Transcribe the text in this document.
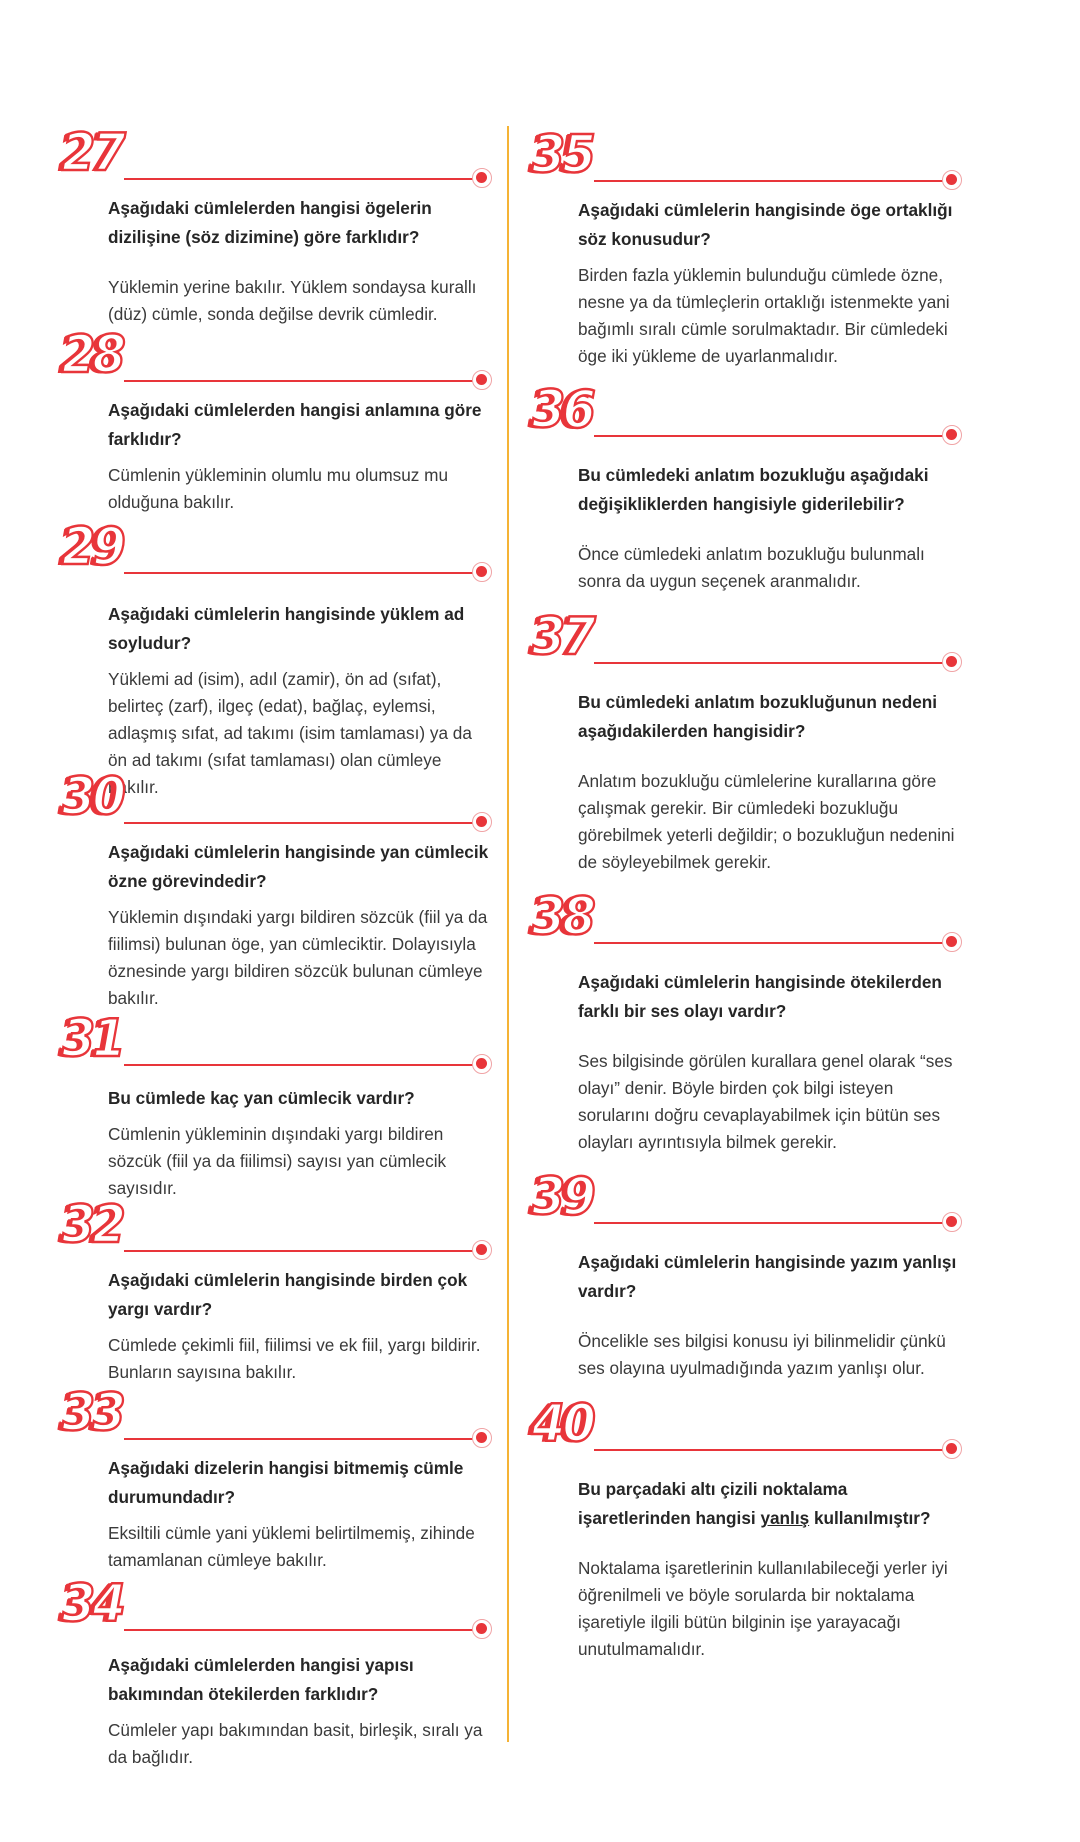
27
Aşağıdaki cümlelerden hangisi ögelerin dizilişine (söz dizimine) göre farklıdır?
Yüklemin yerine bakılır. Yüklem sondaysa kurallı (düz) cümle, sonda değilse devrik cümledir.
28
Aşağıdaki cümlelerden hangisi anlamına göre farklıdır?
Cümlenin yükleminin olumlu mu olumsuz mu olduğuna bakılır.
29
Aşağıdaki cümlelerin hangisinde yüklem ad soyludur?
Yüklemi ad (isim), adıl (zamir), ön ad (sıfat), belirteç (zarf), ilgeç (edat), bağlaç, eylemsi, adlaşmış sıfat, ad takımı (isim tamlaması) ya da ön ad takımı (sıfat tamlaması) olan cümleye bakılır.
30
Aşağıdaki cümlelerin hangisinde yan cümlecik özne görevindedir?
Yüklemin dışındaki yargı bildiren sözcük (fiil ya da fiilimsi) bulunan öge, yan cümleciktir. Dolayısıyla öznesinde yargı bildiren sözcük bulunan cümleye bakılır.
31
Bu cümlede kaç yan cümlecik vardır?
Cümlenin yükleminin dışındaki yargı bildiren sözcük (fiil ya da fiilimsi) sayısı yan cümlecik sayısıdır.
32
Aşağıdaki cümlelerin hangisinde birden çok yargı vardır?
Cümlede çekimli fiil, fiilimsi ve ek fiil, yargı bildirir. Bunların sayısına bakılır.
33
Aşağıdaki dizelerin hangisi bitmemiş cümle durumundadır?
Eksiltili cümle yani yüklemi belirtilmemiş, zihinde tamamlanan cümleye bakılır.
34
Aşağıdaki cümlelerden hangisi yapısı bakımından ötekilerden farklıdır?
Cümleler yapı bakımından basit, birleşik, sıralı ya da bağlıdır.
35
Aşağıdaki cümlelerin hangisinde öge ortaklığı söz konusudur?
Birden fazla yüklemin bulunduğu cümlede özne, nesne ya da tümleçlerin ortaklığı istenmekte yani bağımlı sıralı cümle sorulmaktadır. Bir cümledeki öge iki yükleme de uyarlanmalıdır.
36
Bu cümledeki anlatım bozukluğu aşağıdaki değişikliklerden hangisiyle giderilebilir?
Önce cümledeki anlatım bozukluğu bulunmalı sonra da uygun seçenek aranmalıdır.
37
Bu cümledeki anlatım bozukluğunun nedeni aşağıdakilerden hangisidir?
Anlatım bozukluğu cümlelerine kurallarına göre çalışmak gerekir. Bir cümledeki bozukluğu görebilmek yeterli değildir; o bozukluğun nedenini de söyleyebilmek gerekir.
38
Aşağıdaki cümlelerin hangisinde ötekilerden farklı bir ses olayı vardır?
Ses bilgisinde görülen kurallara genel olarak “ses olayı” denir. Böyle birden çok bilgi isteyen sorularını doğru cevaplayabilmek için bütün ses olayları ayrıntısıyla bilmek gerekir.
39
Aşağıdaki cümlelerin hangisinde yazım yanlışı vardır?
Öncelikle ses bilgisi konusu iyi bilinmelidir çünkü ses olayına uyulmadığında yazım yanlışı olur.
40
Bu parçadaki altı çizili noktalama işaretlerinden hangisi yanlış kullanılmıştır?
Noktalama işaretlerinin kullanılabileceği yerler iyi öğrenilmeli ve böyle sorularda bir noktalama işaretiyle ilgili bütün bilginin işe yarayacağı unutulmamalıdır.
